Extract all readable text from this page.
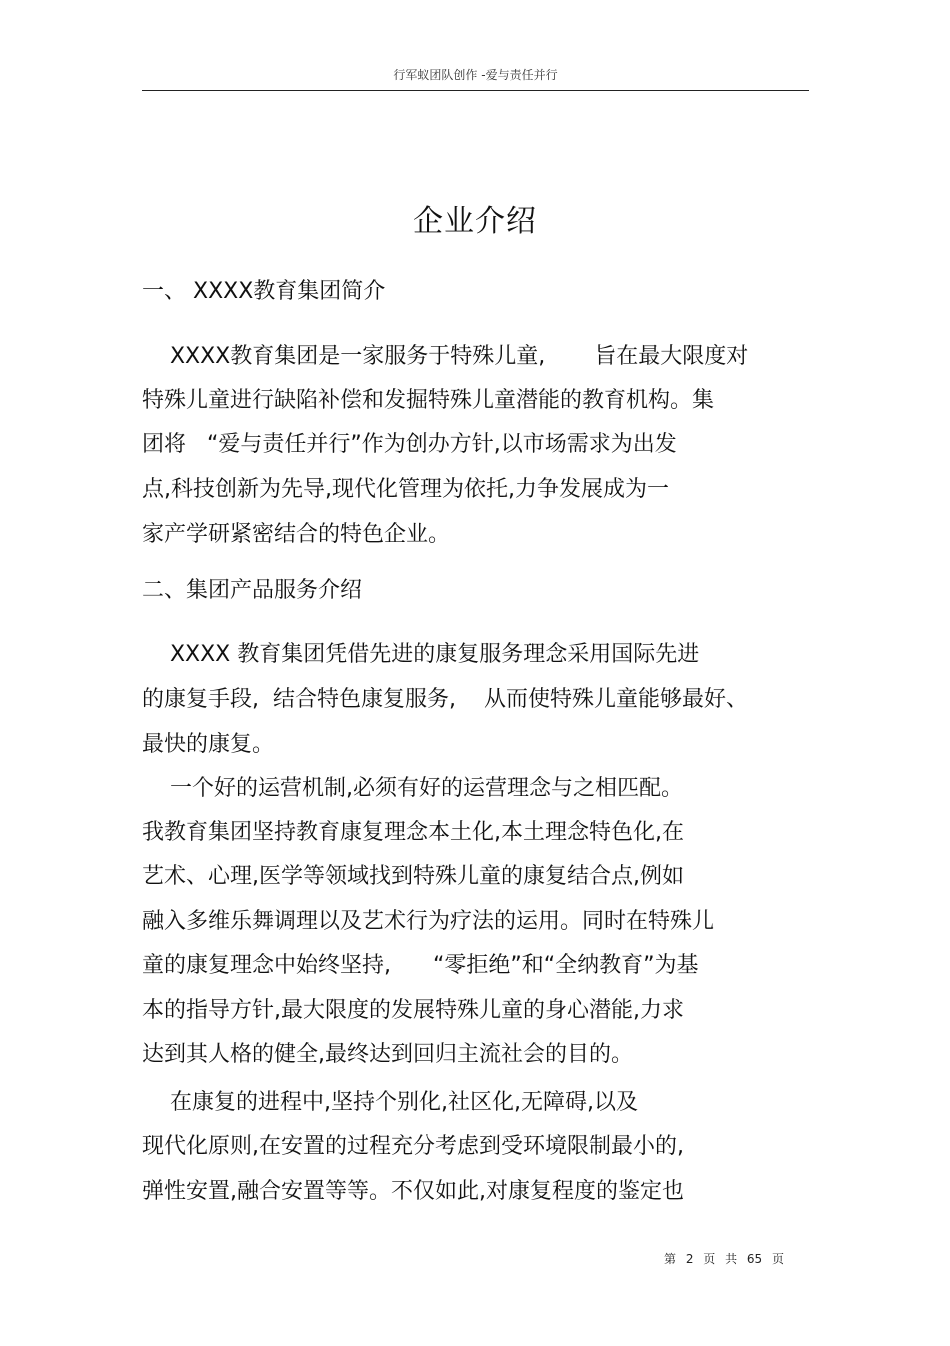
行军蚁团队创作 -爱与责任并行
企业介绍
一、 XXXX教育集团简介
XXXX教育集团是一家服务于特殊儿童,       旨在最大限度对
特殊儿童进行缺陷补偿和发掘特殊儿童潜能的教育机构。集
团将   “爱与责任并行”作为创办方针,以市场需求为出发
点,科技创新为先导,现代化管理为依托,力争发展成为一
家产学研紧密结合的特色企业。
二、集团产品服务介绍
XXXX 教育集团凭借先进的康复服务理念采用国际先进
的康复手段,  结合特色康复服务,    从而使特殊儿童能够最好、
最快的康复。
一个好的运营机制,必须有好的运营理念与之相匹配。
我教育集团坚持教育康复理念本土化,本土理念特色化,在
艺术、心理,医学等领域找到特殊儿童的康复结合点,例如
融入多维乐舞调理以及艺术行为疗法的运用。同时在特殊儿
童的康复理念中始终坚持,      “零拒绝”和“全纳教育”为基
本的指导方针,最大限度的发展特殊儿童的身心潜能,力求
达到其人格的健全,最终达到回归主流社会的目的。
在康复的进程中,坚持个别化,社区化,无障碍,以及
现代化原则,在安置的过程充分考虑到受环境限制最小的,
弹性安置,融合安置等等。不仅如此,对康复程度的鉴定也
第 2 页 共 65 页
